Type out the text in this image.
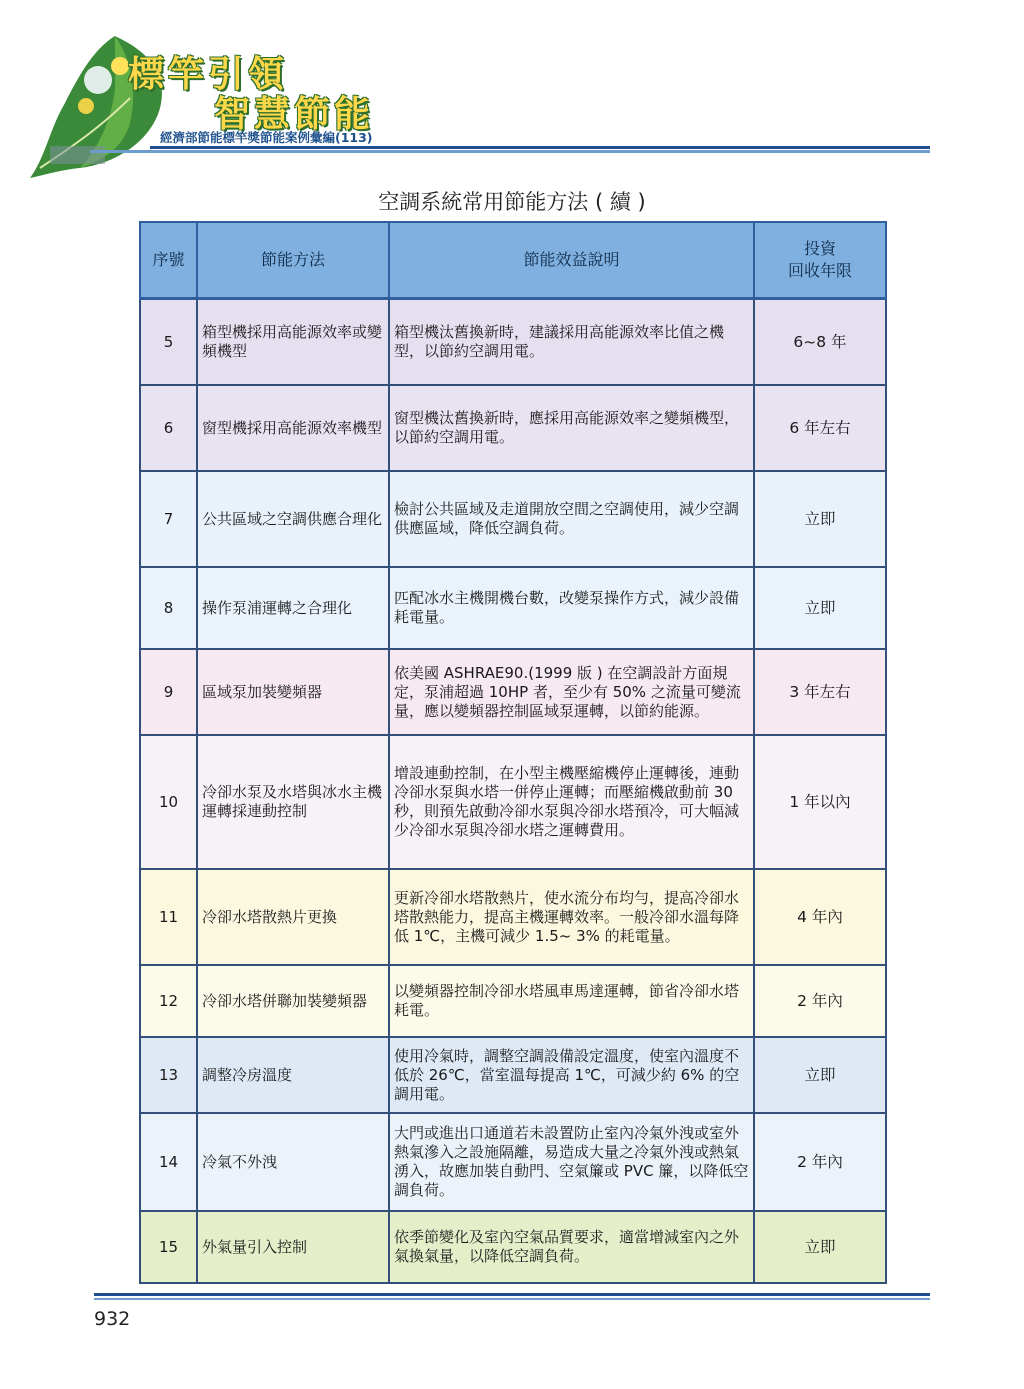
標竿引領
智慧節能
經濟部節能標竿獎節能案例彙編(113)
空調系統常用節能方法 ( 續 )
序號	節能方法	節能效益說明	投資
回收年限

5	箱型機採用高能源效率或變頻機型	箱型機汰舊換新時，建議採用高能源效率比值之機型，以節約空調用電。	6~8 年
6	窗型機採用高能源效率機型	窗型機汰舊換新時，應採用高能源效率之變頻機型，以節約空調用電。	6 年左右
7	公共區域之空調供應合理化	檢討公共區域及走道開放空間之空調使用，減少空調供應區域，降低空調負荷。	立即
8	操作泵浦運轉之合理化	匹配冰水主機開機台數，改變泵操作方式，減少設備耗電量。	立即
9	區域泵加裝變頻器	依美國 ASHRAE90.(1999 版 ) 在空調設計方面規定，泵浦超過 10HP 者，至少有 50% 之流量可變流量，應以變頻器控制區域泵運轉，以節約能源。	3 年左右
10	冷卻水泵及水塔與冰水主機運轉採連動控制	增設連動控制，在小型主機壓縮機停止運轉後，連動冷卻水泵與水塔一併停止運轉；而壓縮機啟動前 30 秒，則預先啟動冷卻水泵與冷卻水塔預冷，可大幅減少冷卻水泵與冷卻水塔之運轉費用。	1 年以內
11	冷卻水塔散熱片更換	更新冷卻水塔散熱片，使水流分布均勻，提高冷卻水塔散熱能力，提高主機運轉效率。一般冷卻水溫每降低 1℃，主機可減少 1.5~ 3% 的耗電量。	4 年內
12	冷卻水塔併聯加裝變頻器	以變頻器控制冷卻水塔風車馬達運轉，節省冷卻水塔耗電。	2 年內
13	調整冷房溫度	使用冷氣時，調整空調設備設定溫度，使室內溫度不低於 26℃，當室溫每提高 1℃，可減少約 6% 的空調用電。	立即
14	冷氣不外洩	大門或進出口通道若未設置防止室內冷氣外洩或室外熱氣滲入之設施隔離，易造成大量之冷氣外洩或熱氣湧入，故應加裝自動門、空氣簾或 PVC 簾，以降低空調負荷。	2 年內
15	外氣量引入控制	依季節變化及室內空氣品質要求，適當增減室內之外氣換氣量，以降低空調負荷。	立即
932
